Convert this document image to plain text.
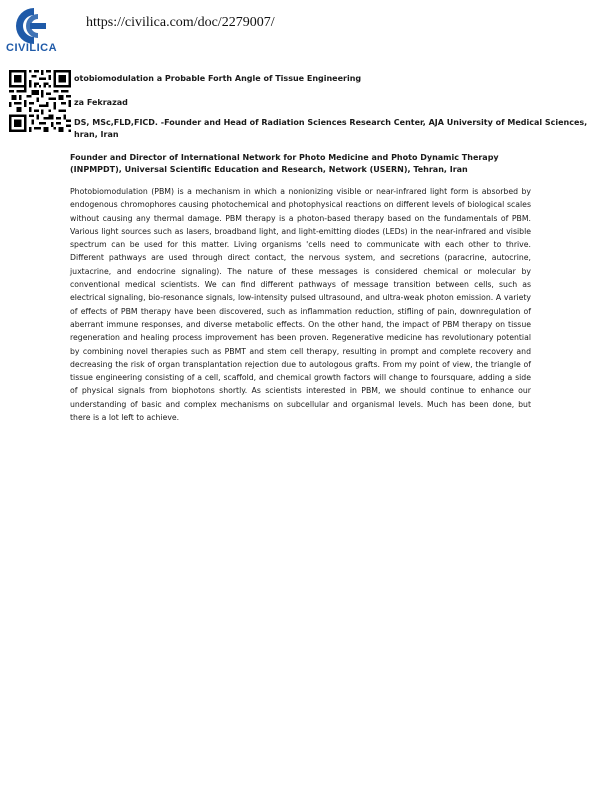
CIVILICA
https://civilica.com/doc/2279007/
otobiomodulation a Probable Forth Angle of Tissue Engineering
za Fekrazad
DS, MSc,FLD,FICD. -Founder and Head of Radiation Sciences Research Center, AJA University of Medical Sciences,
hran, Iran
Founder and Director of International Network for Photo Medicine and Photo Dynamic Therapy (INPMPDT), Universal Scientific Education and Research, Network (USERN), Tehran, Iran

Photobiomodulation (PBM) is a mechanism in which a nonionizing visible or near-infrared light form is absorbed by endogenous chromophores causing photochemical and photophysical reactions on different levels of biological scales without causing any thermal damage. PBM therapy is a photon-based therapy based on the fundamentals of PBM. Various light sources such as lasers, broadband light, and light-emitting diodes (LEDs) in the near-infrared and visible spectrum can be used for this matter. Living organisms 'cells need to communicate with each other to thrive. Different pathways are used through direct contact, the nervous system, and secretions (paracrine, autocrine, juxtacrine, and endocrine signaling). The nature of these messages is considered chemical or molecular by conventional medical scientists. We can find different pathways of message transition between cells, such as electrical signaling, bio-resonance signals, low-intensity pulsed ultrasound, and ultra-weak photon emission. A variety of effects of PBM therapy have been discovered, such as inflammation reduction, stifling of pain, downregulation of aberrant immune responses, and diverse metabolic effects. On the other hand, the impact of PBM therapy on tissue regeneration and healing process improvement has been proven. Regenerative medicine has revolutionary potential by combining novel therapies such as PBMT and stem cell therapy, resulting in prompt and complete recovery and decreasing the risk of organ transplantation rejection due to autologous grafts. From my point of view, the triangle of tissue engineering consisting of a cell, scaffold, and chemical growth factors will change to foursquare, adding a side of physical signals from biophotons shortly. As scientists interested in PBM, we should continue to enhance our understanding of basic and complex mechanisms on subcellular and organismal levels. Much has been done, but there is a lot left to achieve.
